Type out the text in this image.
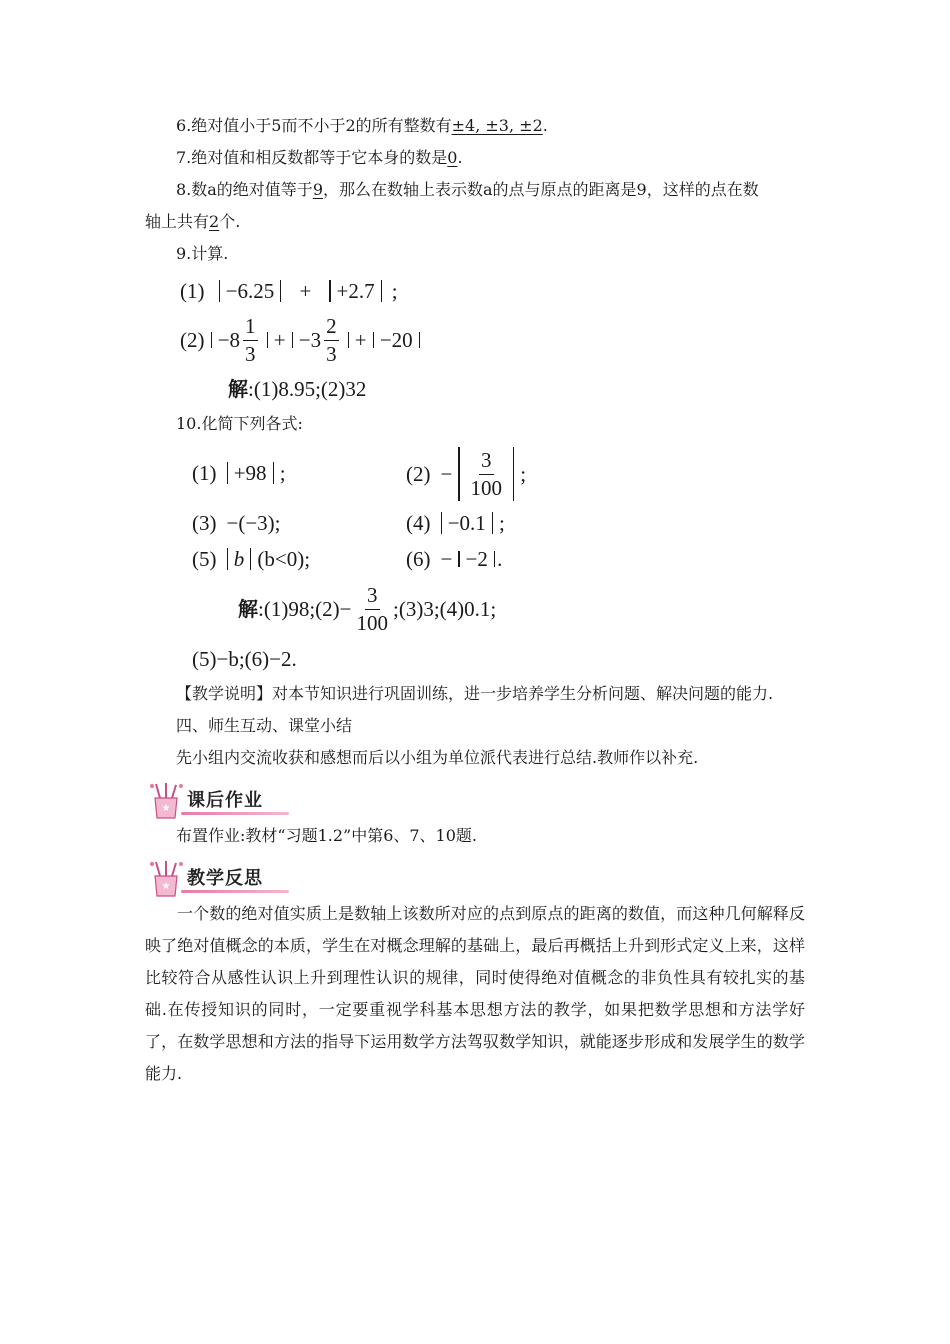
6.绝对值小于5而不小于2的所有整数有±4, ±3, ±2.
7.绝对值和相反数都等于它本身的数是0.
8.数a的绝对值等于9，那么在数轴上表示数a的点与原点的距离是9，这样的点在数
轴上共有2个.
9.计算.
(1) −6.25 + +2.7 ;
$(2) -8 \frac{1}{3} + -3 \frac{2}{3} + -20$
解 :(1)8.95;(2)32
10.化简下列各式:
(1) +98 ;	$(2) - \frac{3}{100}$ ;
(3) −(−3);	(4) −0.1 ;
(5) b (b<0);	(6) − −2 .
解 :(1)98;(2)− $\frac{3}{100}$ ;(3)3;(4)0.1;
(5)−b;(6)−2.
【教学说明】对本节知识进行巩固训练，进一步培养学生分析问题、解决问题的能力.
四、师生互动、课堂小结
先小组内交流收获和感想而后以小组为单位派代表进行总结.教师作以补充.
★ 课后作业
布置作业:教材“习题1.2”中第6、7、10题.
★ 教学反思
一个数的绝对值实质上是数轴上该数所对应的点到原点的距离的数值，而这种几何解释反映了绝对值概念的本质，学生在对概念理解的基础上，最后再概括上升到形式定义上来，这样比较符合从感性认识上升到理性认识的规律，同时使得绝对值概念的非负性具有较扎实的基础.在传授知识的同时，一定要重视学科基本思想方法的教学，如果把数学思想和方法学好了，在数学思想和方法的指导下运用数学方法驾驭数学知识，就能逐步形成和发展学生的数学能力.
